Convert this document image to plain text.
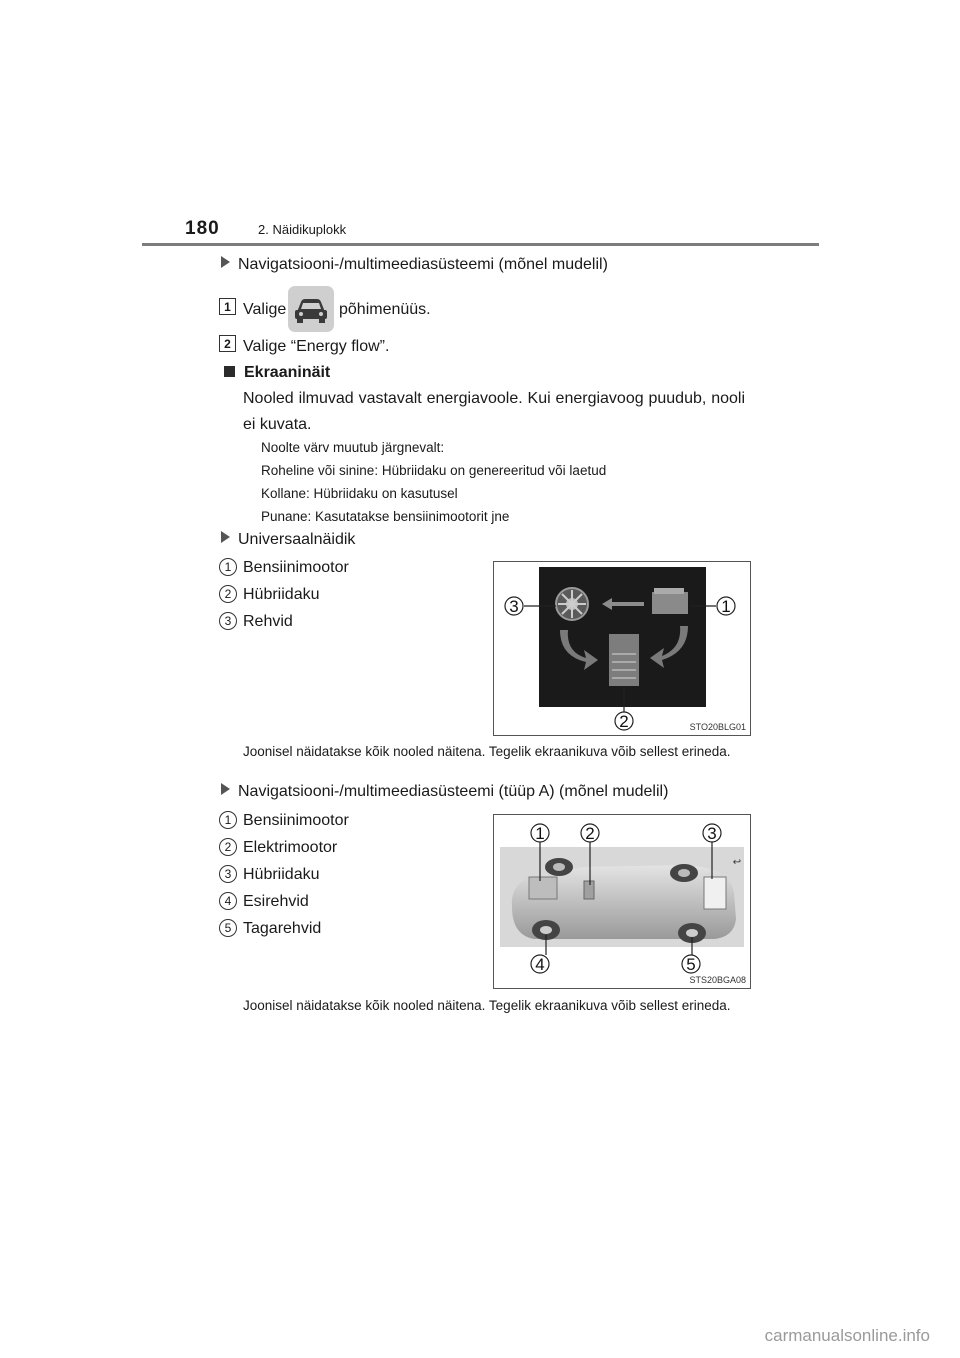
180	2. Näidikuplokk
Navigatsiooni-/multimeediasüsteemi (mõnel mudelil)
1 Valige	põhimenüüs.
2 Valige “Energy flow”.
Ekraaninäit
Nooled ilmuvad vastavalt energiavoole. Kui energiavoog puudub, nooli ei kuvata.
Noolte värv muutub järgnevalt:
Roheline või sinine: Hübriidaku on genereeritud või laetud
Kollane: Hübriidaku on kasutusel
Punane: Kasutatakse bensiinimootorit jne
Universaalnäidik
1 Bensiinimootor
2 Hübriidaku
3 Rehvid
1
2
3
STO20BLG01
Joonisel näidatakse kõik nooled näitena. Tegelik ekraanikuva võib sellest erineda.
Navigatsiooni-/multimeediasüsteemi (tüüp A) (mõnel mudelil)
1 Bensiinimootor
2 Elektrimootor
3 Hübriidaku
4 Esirehvid
5 Tagarehvid
↩
1 2	3
4	5
STS20BGA08
Joonisel näidatakse kõik nooled näitena. Tegelik ekraanikuva võib sellest erineda.
carmanualsonline.info
